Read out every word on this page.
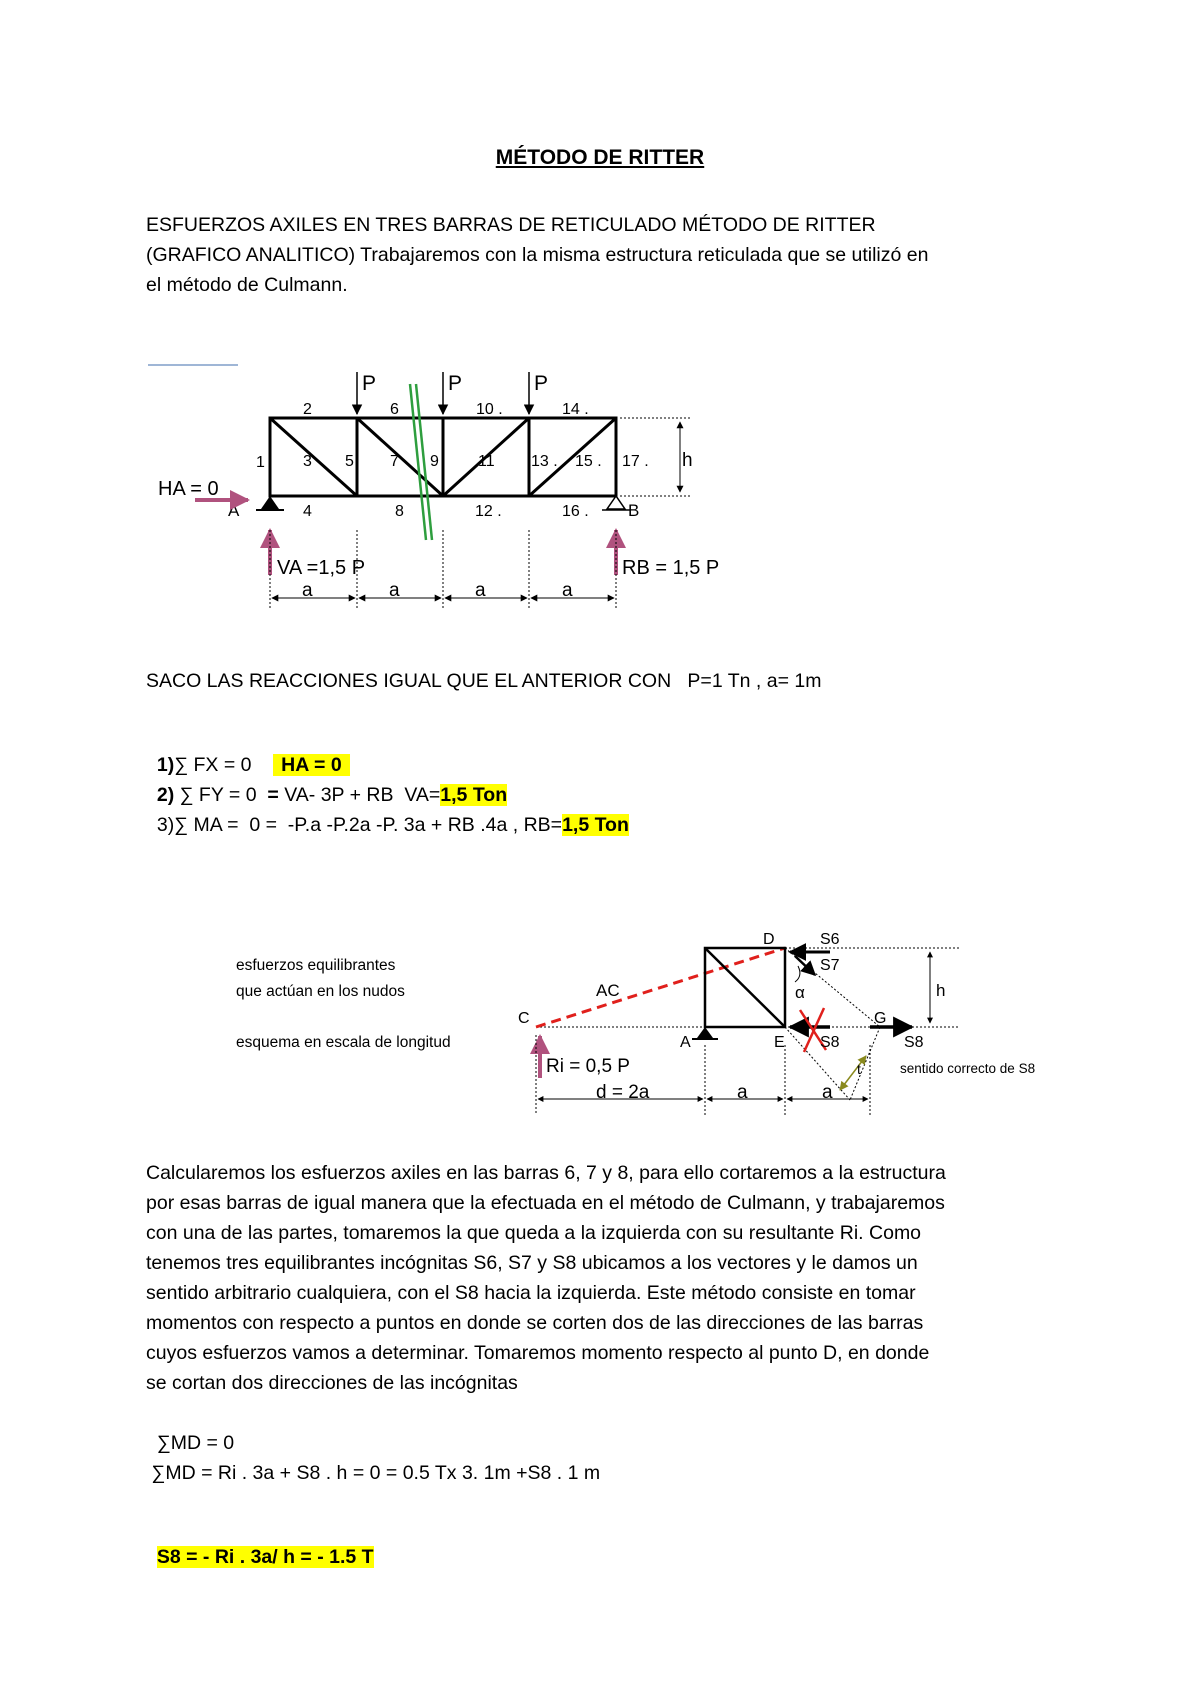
MÉTODO DE RITTER
ESFUERZOS AXILES EN TRES BARRAS DE RETICULADO MÉTODO DE RITTER
(GRAFICO ANALITICO) Trabajaremos con la misma estructura reticulada que se utilizó en
el método de Culmann.
P	P	P
1
2
3
4
5
6
7
8
9
10 .
11
12 .
13 .
14 .
15 .
16 .
17 .
A	B
HA = 0
h
VA =1,5 P	RB = 1,5 P
a	a	a	a
SACO LAS REACCIONES IGUAL QUE EL ANTERIOR CON   P=1 Tn , a= 1m

1)∑ FX = 0    HA = 0

2) ∑ FY = 0  = VA- 3P + RB  VA=1,5 Ton

3)∑ MA =  0 =  -P.a -P.2a -P. 3a + RB .4a , RB=1,5 Ton

esfuerzos equilibrantes
que actúan en los nudos
esquema en escala de longitud
AC
C
D
A	E
G
S6
S7
S8	S8
α
t
h
Ri = 0,5 P
d = 2a	a	a
sentido correcto de S8
Calcularemos los esfuerzos axiles en las barras 6, 7 y 8, para ello cortaremos a la estructura
por esas barras de igual manera que la efectuada en el método de Culmann, y trabajaremos
con una de las partes, tomaremos la que queda a la izquierda con su resultante Ri. Como
tenemos tres equilibrantes incógnitas S6, S7 y S8 ubicamos a los vectores y le damos un
sentido arbitrario cualquiera, con el S8 hacia la izquierda. Este método consiste en tomar
momentos con respecto a puntos en donde se corten dos de las direcciones de las barras
cuyos esfuerzos vamos a determinar. Tomaremos momento respecto al punto D, en donde
se cortan dos direcciones de las incógnitas
∑MD = 0
∑MD = Ri . 3a + S8 . h = 0 = 0.5 Tx 3. 1m +S8 . 1 m

S8 = - Ri . 3a/ h = - 1.5 T
